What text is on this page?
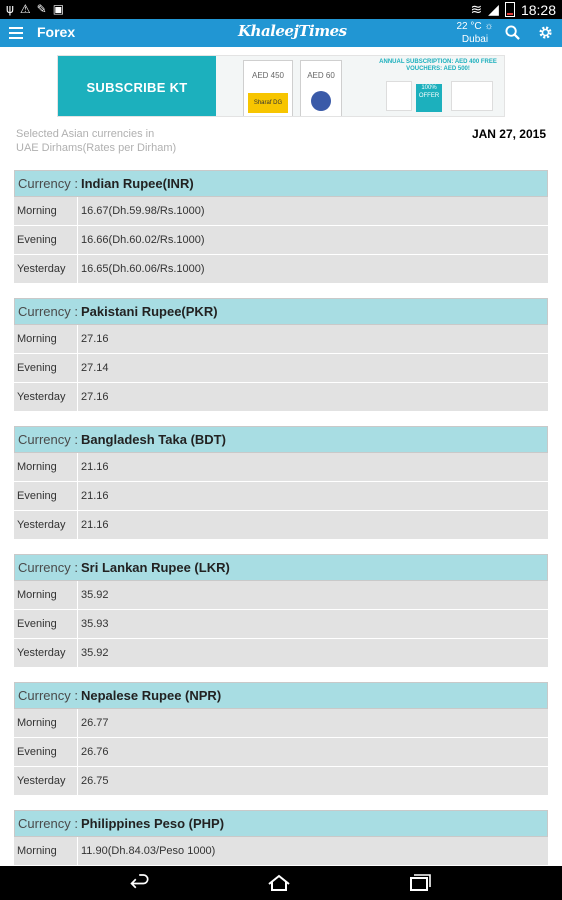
ψ⚠✎▣	≋ ◢ 18:28
Forex	KhaleejTimes	22 °C ☼
Dubai
SUBSCRIBE KT
AED 450
Sharaf DG
AED 60
ANNUAL SUBSCRIPTION: AED 400 FREE VOUCHERS: AED 500!
100% OFFER
Selected Asian currencies in
UAE Dirhams(Rates per Dirham)
JAN 27, 2015
Currency : Indian Rupee(INR)
Morning	16.67(Dh.59.98/Rs.1000)
Evening	16.66(Dh.60.02/Rs.1000)
Yesterday	16.65(Dh.60.06/Rs.1000)
Currency : Pakistani Rupee(PKR)
Morning	27.16
Evening	27.14
Yesterday	27.16
Currency : Bangladesh Taka (BDT)
Morning	21.16
Evening	21.16
Yesterday	21.16
Currency : Sri Lankan Rupee (LKR)
Morning	35.92
Evening	35.93
Yesterday	35.92
Currency : Nepalese Rupee (NPR)
Morning	26.77
Evening	26.76
Yesterday	26.75
Currency : Philippines Peso (PHP)
Morning	11.90(Dh.84.03/Peso 1000)
